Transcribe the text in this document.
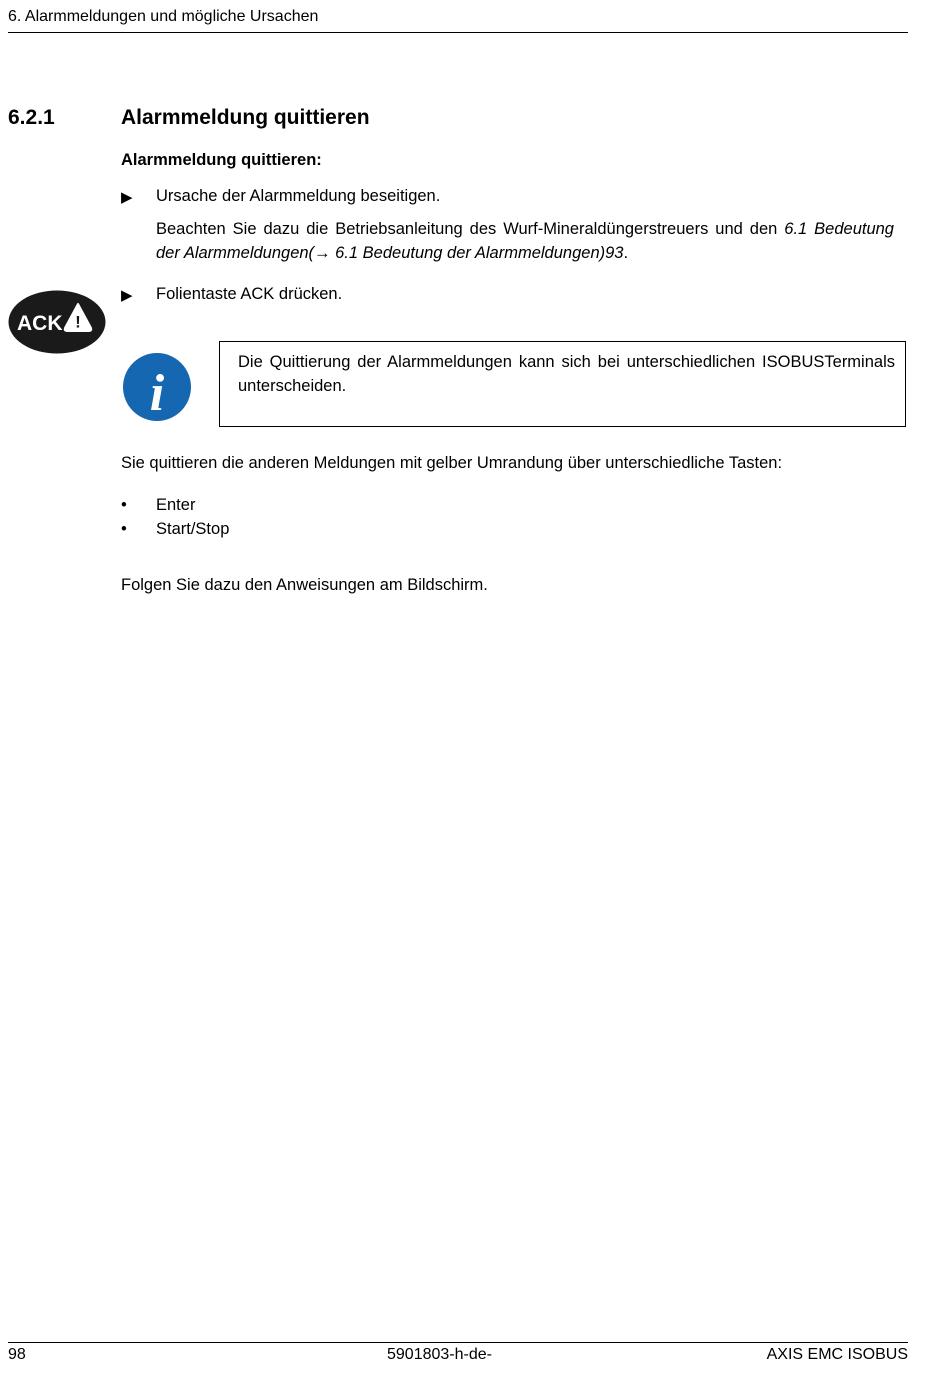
6. Alarmmeldungen und mögliche Ursachen
6.2.1	Alarmmeldung quittieren
Alarmmeldung quittieren:
▶ Ursache der Alarmmeldung beseitigen.
Beachten Sie dazu die Betriebsanleitung des Wurf-Mineraldüngerstreuers und den 6.1 Bedeutung der Alarmmeldungen(→ 6.1 Bedeutung der Alarmmeldungen)93.
▶ Folientaste ACK drücken.
ACK !
i
Die Quittierung der Alarmmeldungen kann sich bei unterschiedlichen ISOBUSTerminals unterscheiden.
Sie quittieren die anderen Meldungen mit gelber Umrandung über unterschiedliche Tasten:
• Enter
• Start/Stop
Folgen Sie dazu den Anweisungen am Bildschirm.
98	5901803-h-de-	AXIS EMC ISOBUS
